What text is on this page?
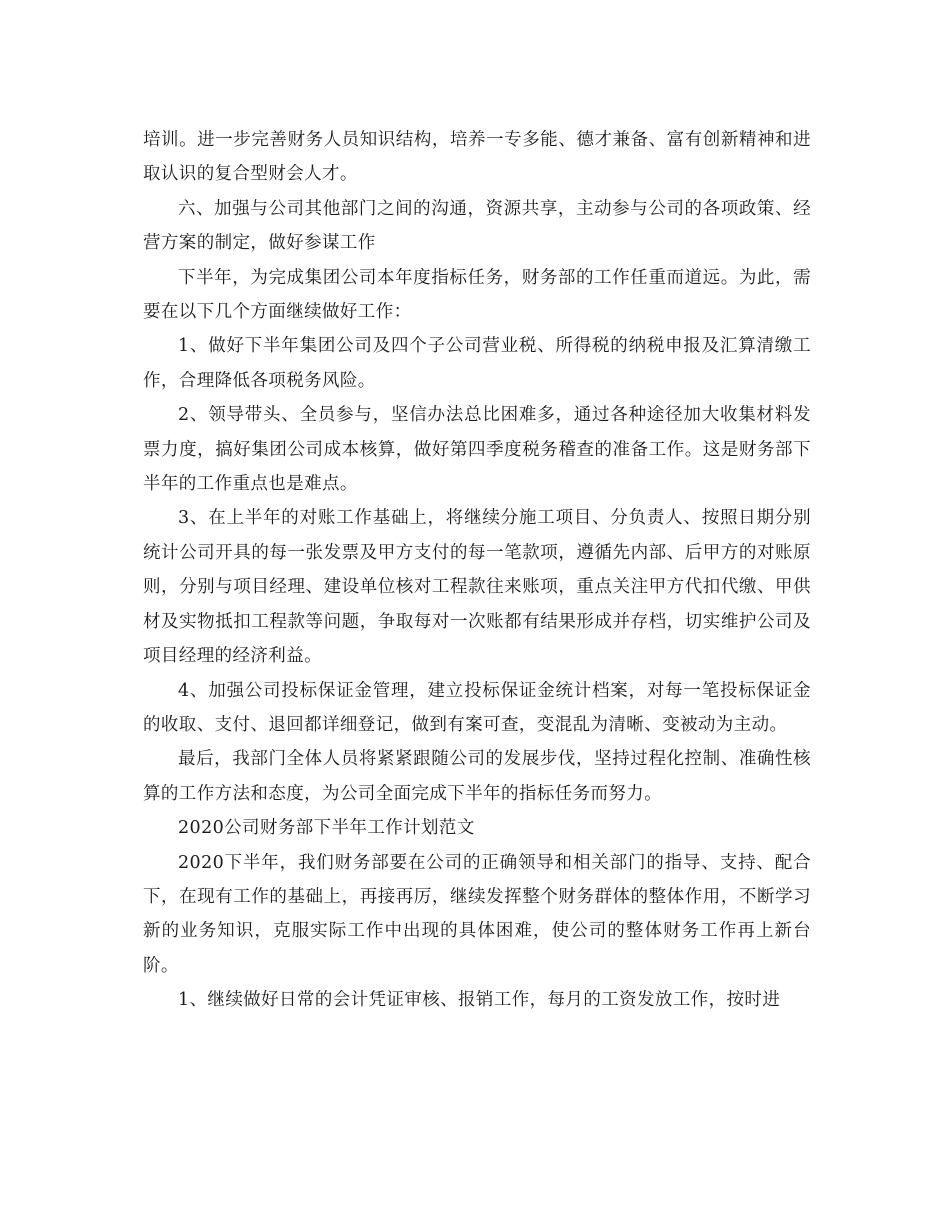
培训。进一步完善财务人员知识结构，培养一专多能、德才兼备、富有创新精神和进取认识的复合型财会人才。

六、加强与公司其他部门之间的沟通，资源共享，主动参与公司的各项政策、经营方案的制定，做好参谋工作

下半年，为完成集团公司本年度指标任务，财务部的工作任重而道远。为此，需要在以下几个方面继续做好工作：

1、做好下半年集团公司及四个子公司营业税、所得税的纳税申报及汇算清缴工作，合理降低各项税务风险。

2、领导带头、全员参与，坚信办法总比困难多，通过各种途径加大收集材料发票力度，搞好集团公司成本核算，做好第四季度税务稽查的准备工作。这是财务部下半年的工作重点也是难点。

3、在上半年的对账工作基础上，将继续分施工项目、分负责人、按照日期分别统计公司开具的每一张发票及甲方支付的每一笔款项，遵循先内部、后甲方的对账原则，分别与项目经理、建设单位核对工程款往来账项，重点关注甲方代扣代缴、甲供材及实物抵扣工程款等问题，争取每对一次账都有结果形成并存档，切实维护公司及项目经理的经济利益。

4、加强公司投标保证金管理，建立投标保证金统计档案，对每一笔投标保证金的收取、支付、退回都详细登记，做到有案可查，变混乱为清晰、变被动为主动。

最后，我部门全体人员将紧紧跟随公司的发展步伐，坚持过程化控制、准确性核算的工作方法和态度，为公司全面完成下半年的指标任务而努力。

2020公司财务部下半年工作计划范文

2020下半年，我们财务部要在公司的正确领导和相关部门的指导、支持、配合下，在现有工作的基础上，再接再厉，继续发挥整个财务群体的整体作用，不断学习新的业务知识，克服实际工作中出现的具体困难，使公司的整体财务工作再上新台阶。

1、继续做好日常的会计凭证审核、报销工作，每月的工资发放工作，按时进
